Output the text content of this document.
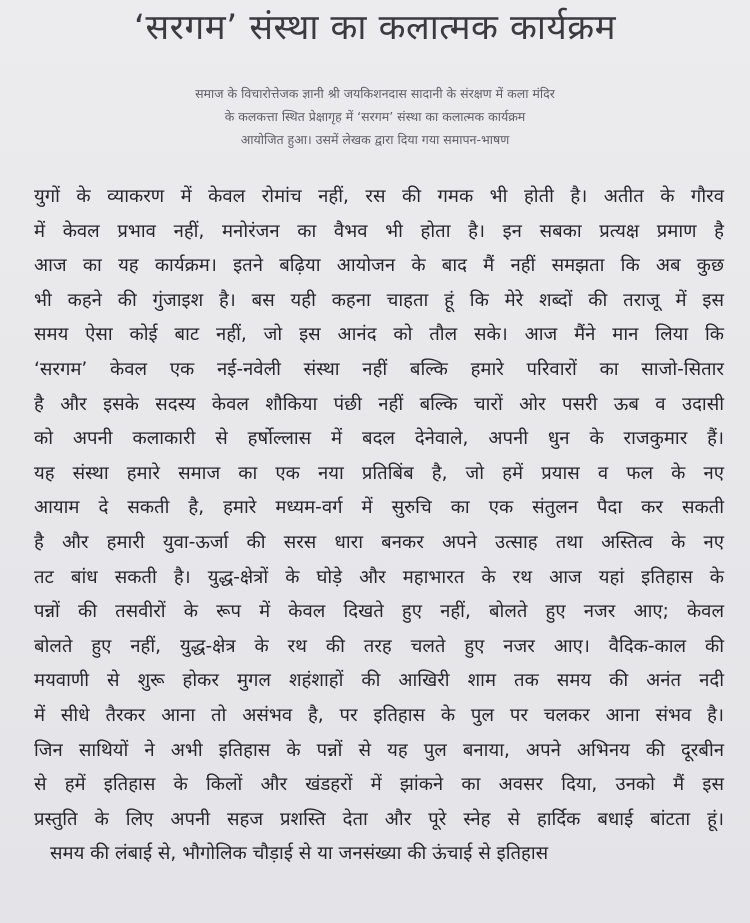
‘सरगम’ संस्था का कलात्मक कार्यक्रम
समाज के विचारोत्तेजक ज्ञानी श्री जयकिशनदास सादानी के संरक्षण में कला मंदिर
के कलकत्ता स्थित प्रेक्षागृह में ‘सरगम’ संस्था का कलात्मक कार्यक्रम
आयोजित हुआ। उसमें लेखक द्वारा दिया गया समापन-भाषण
युगों के व्याकरण में केवल रोमांच नहीं, रस की गमक भी होती है। अतीत के गौरव
में केवल प्रभाव नहीं, मनोरंजन का वैभव भी होता है। इन सबका प्रत्यक्ष प्रमाण है
आज का यह कार्यक्रम। इतने बढ़िया आयोजन के बाद मैं नहीं समझता कि अब कुछ
भी कहने की गुंजाइश है। बस यही कहना चाहता हूं कि मेरे शब्दों की तराजू में इस
समय ऐसा कोई बाट नहीं, जो इस आनंद को तौल सके। आज मैंने मान लिया कि
‘सरगम’ केवल एक नई-नवेली संस्था नहीं बल्कि हमारे परिवारों का साजो-सितार
है और इसके सदस्य केवल शौकिया पंछी नहीं बल्कि चारों ओर पसरी ऊब व उदासी
को अपनी कलाकारी से हर्षोल्लास में बदल देनेवाले, अपनी धुन के राजकुमार हैं।
यह संस्था हमारे समाज का एक नया प्रतिबिंब है, जो हमें प्रयास व फल के नए
आयाम दे सकती है, हमारे मध्यम-वर्ग में सुरुचि का एक संतुलन पैदा कर सकती
है और हमारी युवा-ऊर्जा की सरस धारा बनकर अपने उत्साह तथा अस्तित्व के नए
तट बांध सकती है। युद्ध-क्षेत्रों के घोड़े और महाभारत के रथ आज यहां इतिहास के
पन्नों की तसवीरों के रूप में केवल दिखते हुए नहीं, बोलते हुए नजर आए; केवल
बोलते हुए नहीं, युद्ध-क्षेत्र के रथ की तरह चलते हुए नजर आए। वैदिक-काल की
मयवाणी से शुरू होकर मुगल शहंशाहों की आखिरी शाम तक समय की अनंत नदी
में सीधे तैरकर आना तो असंभव है, पर इतिहास के पुल पर चलकर आना संभव है।
जिन साथियों ने अभी इतिहास के पन्नों से यह पुल बनाया, अपने अभिनय की दूरबीन
से हमें इतिहास के किलों और खंडहरों में झांकने का अवसर दिया, उनको मैं इस
प्रस्तुति के लिए अपनी सहज प्रशस्ति देता और पूरे स्नेह से हार्दिक बधाई बांटता हूं।
समय की लंबाई से, भौगोलिक चौड़ाई से या जनसंख्या की ऊंचाई से इतिहास
